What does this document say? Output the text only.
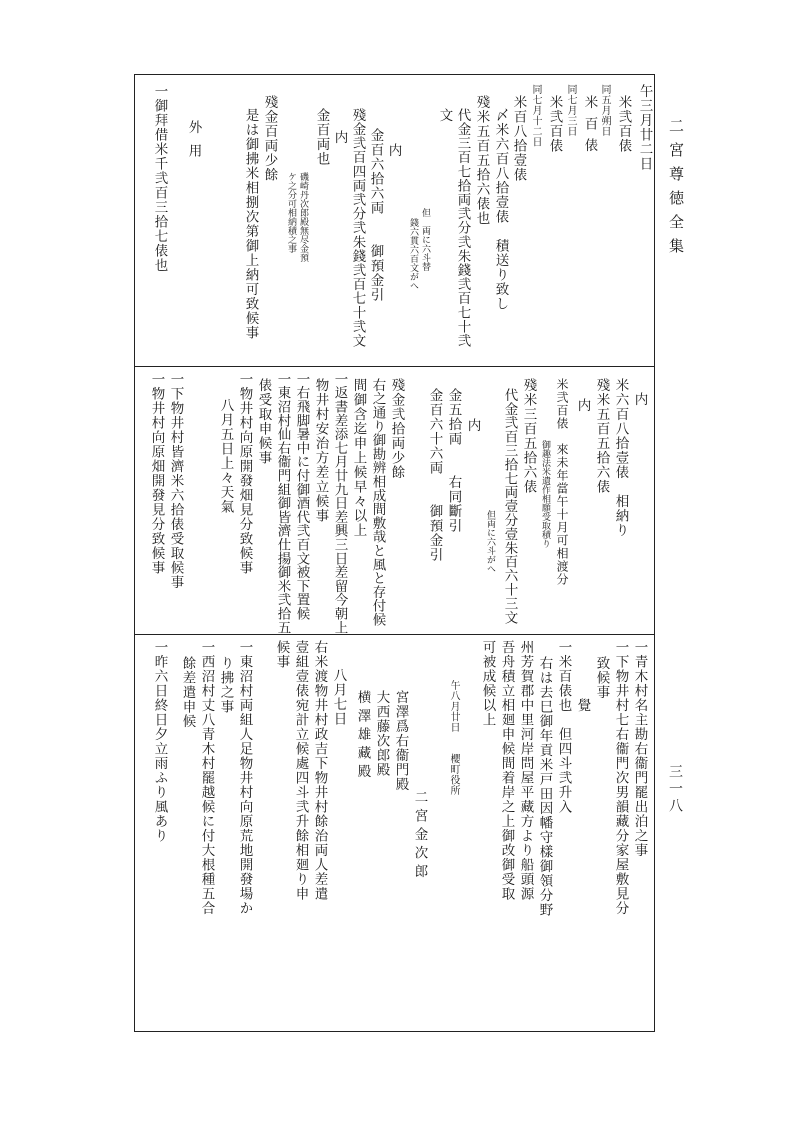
二宮尊徳全集
三一八
午三月廿二日
米弐百俵
同五月朔日
米百俵
同七月三日
米弐百俵
同七月十二日
米百八拾壹俵
〆米六百八拾壹俵　積送り致し
殘米五百五拾六俵也
代金三百七拾両弐分弐朱錢弐百七十弐
文
但　両に六斗替
錢六貫六百文がへ
内
金百六拾六両　　御預金引
殘金弐百四両弐分弐朱錢弐百七十弐文
内
金百両也
磯崎丹次郎殿無尽金預
ケ之分可相納積之事
殘金百両少餘
是は御拂米相捌次第御上納可致候事
外用
一御拜借米千弐百三拾七俵也
内
米六百八拾壹俵　相納り
殘米五百五拾六俵
内
米弐百俵　來未年當午十月可相渡分
御趣法米遺作相願受取積り
殘米三百五拾六俵
代金弐百三拾七両壹分壹朱百六十三文
但両に六斗がへ
内
金五拾両　　右同斷引
金百六十六両　　御預金引
殘金弐拾両少餘
右之通り御勘辨相成間敷哉と風と存付候
間御含迄申上候早々以上
一返書差添七月廿九日差興三日差留今朝上
物井村安治方差立候事
一右飛脚暑中に付御酒代弐百文被下置候
一東沼村仙右衞門組御皆濟仕揚御米弐拾五
俵受取申候事
一物井村向原開發畑見分致候事
八月五日上々天氣
一下物井村皆濟米六拾俵受取候事
一物井村向原畑開發見分致候事
一青木村名主勘右衞門罷出泊之事
一下物井村七右衞門次男韻藏分家屋敷見分
致候事
覺
一米百俵也　但四斗弐升入
右は去巳御年貢米戸田因幡守樣御領分野
州芳賀郡中里河岸問屋平藏方より船頭源
吾舟積立相廻申候間着岸之上御改御受取
可被成候以上
午八月廿日　　櫻町役所
二宮金次郎
宮澤爲右衞門殿
大西藤次郎殿
横澤雄藏殿
八月七日
右米渡物井村政吉下物井村餘治両人差遣
壹組壹俵宛計立候處四斗弐升餘相廻り申
候事
一東沼村両組人足物井村向原荒地開發場か
り拂之事
一西沼村丈八青木村罷越候に付大根種五合
餘差遣申候
一昨六日終日夕立雨ふり風あり
